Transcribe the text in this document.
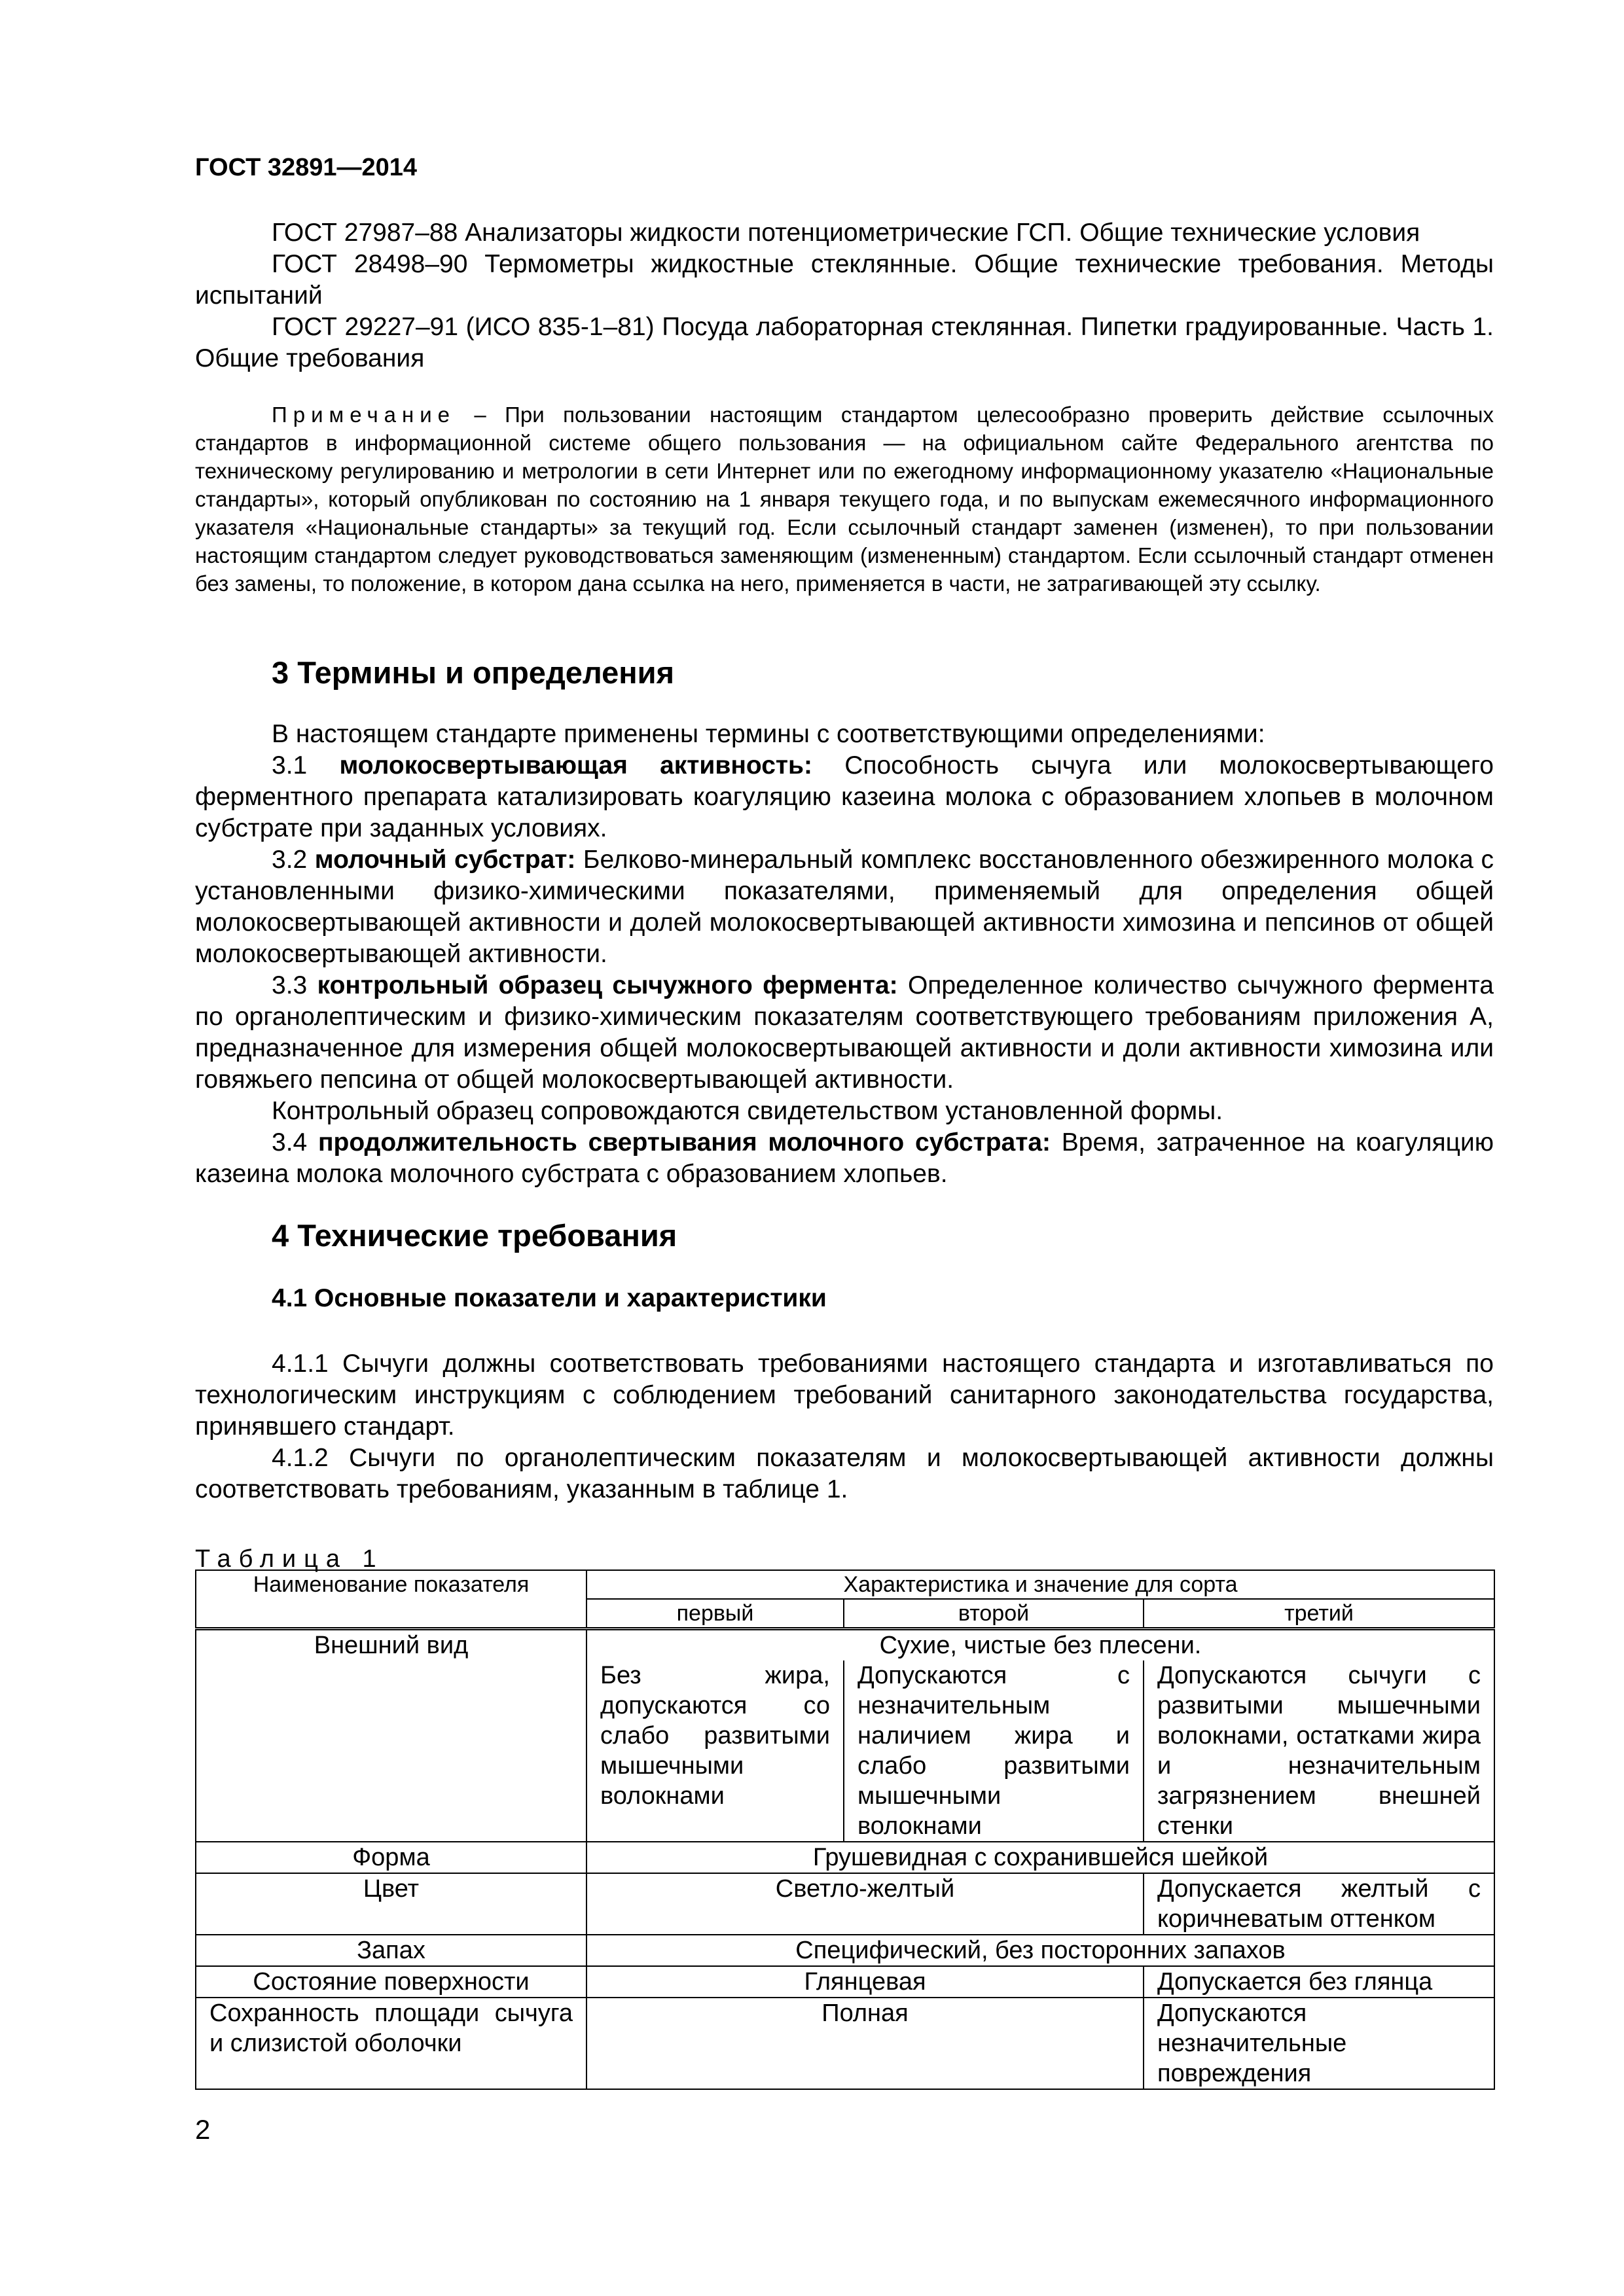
ГОСТ 32891—2014

ГОСТ 27987–88 Анализаторы жидкости потенциометрические ГСП. Общие технические условия

ГОСТ 28498–90 Термометры жидкостные стеклянные. Общие технические требования. Методы испытаний

ГОСТ 29227–91 (ИСО 835-1–81) Посуда лабораторная стеклянная. Пипетки градуированные. Часть 1. Общие требования

Примечание – При пользовании настоящим стандартом целесообразно проверить действие ссылочных стандартов в информационной системе общего пользования — на официальном сайте Федерального агентства по техническому регулированию и метрологии в сети Интернет или по ежегодному информационному указателю «Национальные стандарты», который опубликован по состоянию на 1 января текущего года, и по выпускам ежемесячного информационного указателя «Национальные стандарты» за текущий год. Если ссылочный стандарт заменен (изменен), то при пользовании настоящим стандартом следует руководствоваться заменяющим (измененным) стандартом. Если ссылочный стандарт отменен без замены, то положение, в котором дана ссылка на него, применяется в части, не затрагивающей эту ссылку.
3 Термины и определения

В настоящем стандарте применены термины с соответствующими определениями:

3.1 молокосвертывающая активность: Способность сычуга или молокосвертывающего ферментного препарата катализировать коагуляцию казеина молока с образованием хлопьев в молочном субстрате при заданных условиях.

3.2 молочный субстрат: Белково-минеральный комплекс восстановленного обезжиренного молока с установленными физико-химическими показателями, применяемый для определения общей молокосвертывающей активности и долей молокосвертывающей активности химозина и пепсинов от общей молокосвертывающей активности.

3.3 контрольный образец сычужного фермента: Определенное количество сычужного фермента по органолептическим и физико-химическим показателям соответствующего требованиям приложения А, предназначенное для измерения общей молокосвертывающей активности и доли активности химозина или говяжьего пепсина от общей молокосвертывающей активности.

Контрольный образец сопровождаются свидетельством установленной формы.

3.4 продолжительность свертывания молочного субстрата: Время, затраченное на коагуляцию казеина молока молочного субстрата с образованием хлопьев.

4 Технические требования
4.1 Основные показатели и характеристики

4.1.1 Сычуги должны соответствовать требованиями настоящего стандарта и изготавливаться по технологическим инструкциям с соблюдением требований санитарного законодательства государства, принявшего стандарт.

4.1.2 Сычуги по органолептическим показателям и молокосвертывающей активности должны соответствовать требованиям, указанным в таблице 1.

Таблица 1
Наименование показателя	Характеристика и значение для сорта		
	первый	второй	третий
Внешний вид	Сухие, чистые без плесени.		
	Без жира, допускаются со слабо развитыми мышечными волокнами	Допускаются с незначительным наличием жира и слабо развитыми мышечными волокнами	Допускаются сычуги с развитыми мышечными волокнами, остатками жира и незначительным загрязнением внешней стенки
Форма	Грушевидная с сохранившейся шейкой		
Цвет	Светло-желтый		Допускается желтый с коричневатым оттенком
Запах	Специфический, без посторонних запахов		
Состояние поверхности	Глянцевая		Допускается без глянца
Сохранность площади сычуга и слизистой оболочки	Полная		Допускаются незначительные повреждения
2
